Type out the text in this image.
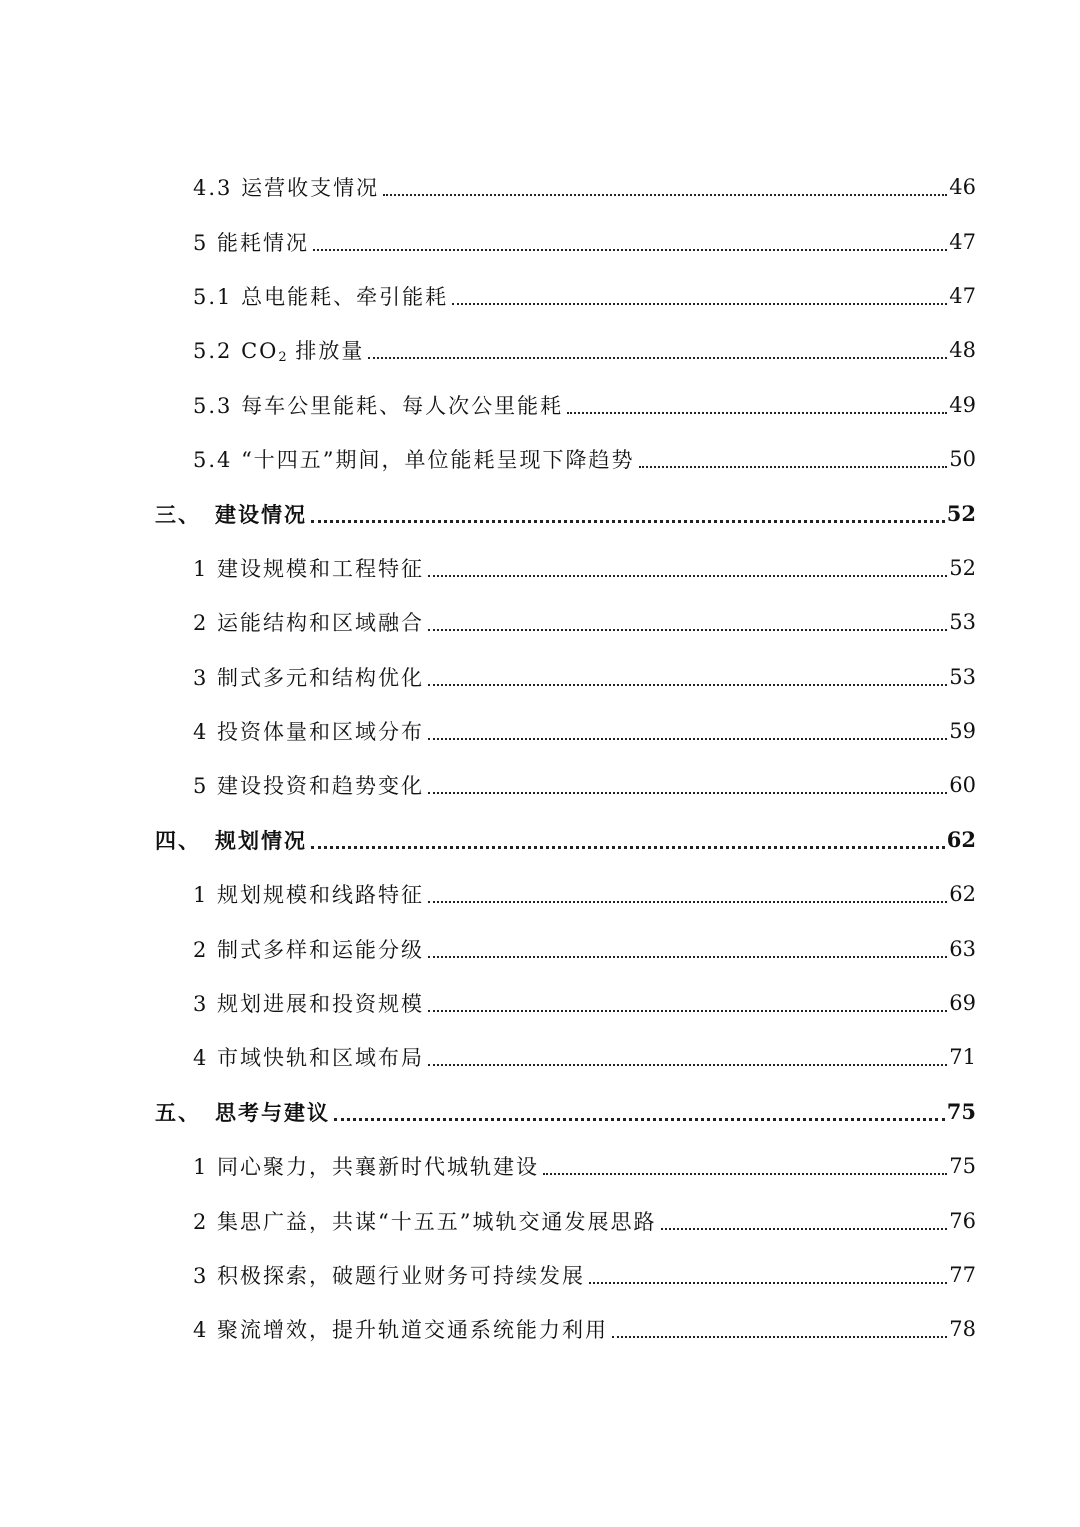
4.3 运营收支情况	46
5 能耗情况	47
5.1 总电能耗、牵引能耗	47
5.2 $CO_2$ 排放量	48
5.3 每车公里能耗、每人次公里能耗	49
5.4 “十四五”期间，单位能耗呈现下降趋势	50
三、 建设情况	52
1 建设规模和工程特征	52
2 运能结构和区域融合	53
3 制式多元和结构优化	53
4 投资体量和区域分布	59
5 建设投资和趋势变化	60
四、 规划情况	62
1 规划规模和线路特征	62
2 制式多样和运能分级	63
3 规划进展和投资规模	69
4 市域快轨和区域布局	71
五、 思考与建议	75
1 同心聚力，共襄新时代城轨建设	75
2 集思广益，共谋“十五五”城轨交通发展思路	76
3 积极探索，破题行业财务可持续发展	77
4 聚流增效，提升轨道交通系统能力利用	78
